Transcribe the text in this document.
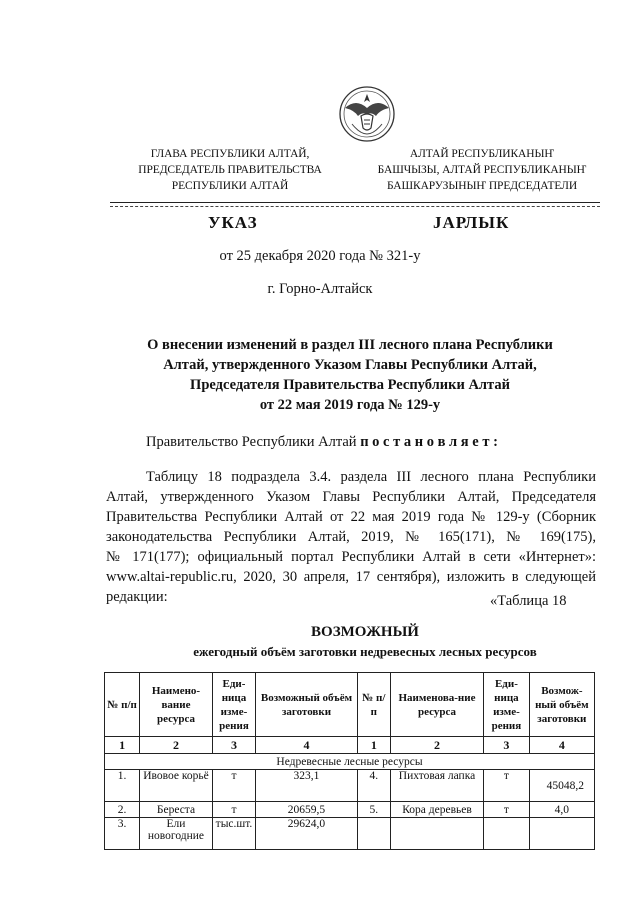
ГЛАВА РЕСПУБЛИКИ АЛТАЙ,
ПРЕДСЕДАТЕЛЬ ПРАВИТЕЛЬСТВА
РЕСПУБЛИКИ АЛТАЙ
АЛТАЙ РЕСПУБЛИКАНЫҤ
БАШЧЫЗЫ, АЛТАЙ РЕСПУБЛИКАНЫҤ
БАШКАРУЗЫНЫҤ ПРЕДСЕДАТЕЛИ
УКАЗ	JАРЛЫК
от 25 декабря 2020 года № 321-у
г. Горно-Алтайск
О внесении изменений в раздел III лесного плана Республики
Алтай, утвержденного Указом Главы Республики Алтай,
Председателя Правительства Республики Алтай
от 22 мая 2019 года № 129-у
Правительство Республики Алтай п о с т а н о в л я е т :
Таблицу 18 подраздела 3.4. раздела III лесного плана Республики
Алтай, утвержденного Указом Главы Республики Алтай, Председателя
Правительства Республики Алтай от 22 мая 2019 года № 129-у (Сборник
законодательства Республики Алтай, 2019, № 165(171), № 169(175),
№ 171(177); официальный портал Республики Алтай в сети «Интернет»:
www.altai-republic.ru, 2020, 30 апреля, 17 сентября), изложить в следующей
редакции:	«Таблица 18
ВОЗМОЖНЫЙ
ежегодный объём заготовки недревесных лесных ресурсов
№ п/п	Наимено-вание ресурса	Еди-ница изме-рения	Возможный объём заготовки	№ п/п	Наименова-ние ресурса	Еди-ница изме-рения	Возмож-ный объём заготовки
1	2	3	4	1	2	3	4
Недревесные лесные ресурсы							
1.	Ивовое корьё	т	323,1	4.	Пихтовая лапка	т	45048,2
2.	Береста	т	20659,5	5.	Кора деревьев	т	4,0
3.	Ели новогодние	тыс.шт.	29624,0				
